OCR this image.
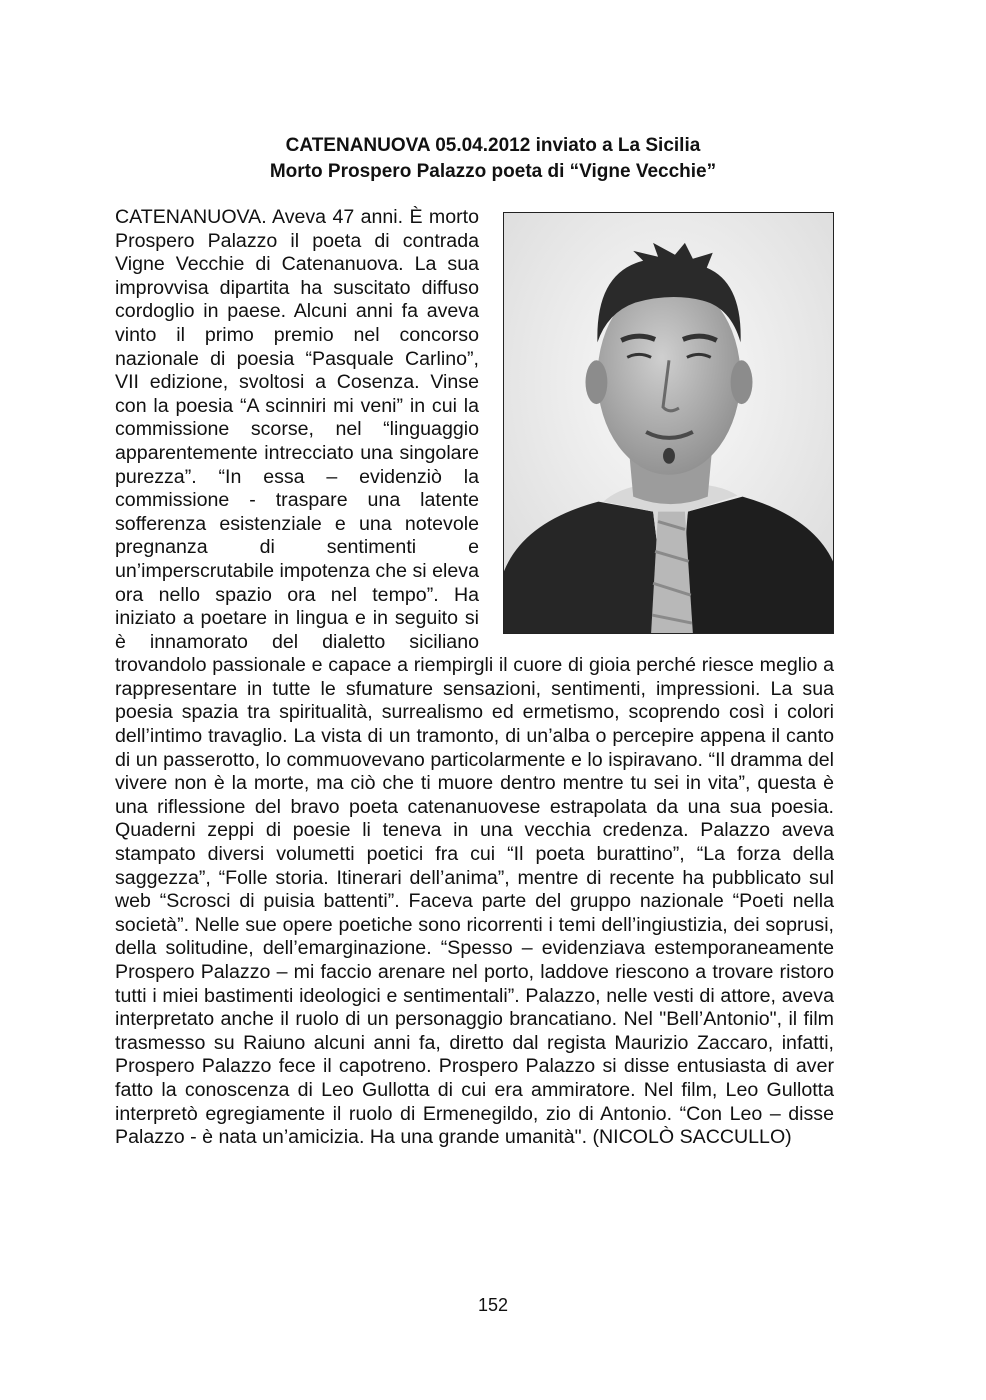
CATENANUOVA 05.04.2012 inviato a La Sicilia
Morto Prospero Palazzo poeta di “Vigne Vecchie”
CATENANUOVA. Aveva 47 anni. È morto Prospero Palazzo il poeta di contrada Vigne Vecchie di Catenanuova. La sua improvvisa dipartita ha suscitato diffuso cordoglio in paese. Alcuni anni fa aveva vinto il primo premio nel concorso nazionale di poesia “Pasquale Carlino”, VII edizione, svoltosi a Cosenza. Vinse con la poesia “A scinniri mi veni” in cui la commissione scorse, nel “linguaggio apparentemente intrecciato una singolare purezza”. “In essa – evidenziò la commissione - traspare una latente sofferenza esistenziale e una notevole pregnanza di sentimenti e un’imperscrutabile impotenza che si eleva ora nello spazio ora nel tempo”. Ha iniziato a poetare in lingua e in seguito si è innamorato del dialetto siciliano trovandolo passionale e capace a riempirgli il cuore di gioia perché riesce meglio a rappresentare in tutte le sfumature sensazioni, sentimenti, impressioni. La sua poesia spazia tra spiritualità, surrealismo ed ermetismo, scoprendo così i colori dell’intimo travaglio. La vista di un tramonto, di un’alba o percepire appena il canto di un passerotto, lo commuovevano particolarmente e lo ispiravano. “Il dramma del vivere non è la morte, ma ciò che ti muore dentro mentre tu sei in vita”, questa è una riflessione del bravo poeta catenanuovese estrapolata da una sua poesia. Quaderni zeppi di poesie li teneva in una vecchia credenza. Palazzo aveva stampato diversi volumetti poetici fra cui “Il poeta burattino”, “La forza della saggezza”, “Folle storia. Itinerari dell’anima”, mentre di recente ha pubblicato sul web “Scrosci di puisia battenti”. Faceva parte del gruppo nazionale “Poeti nella società”. Nelle sue opere poetiche sono ricorrenti i temi dell’ingiustizia, dei soprusi, della solitudine, dell’emarginazione. “Spesso – evidenziava estemporaneamente Prospero Palazzo – mi faccio arenare nel porto, laddove riescono a trovare ristoro tutti i miei bastimenti ideologici e sentimentali”. Palazzo, nelle vesti di attore, aveva interpretato anche il ruolo di un personaggio brancatiano. Nel "Bell’Antonio", il film trasmesso su Raiuno alcuni anni fa, diretto dal regista Maurizio Zaccaro, infatti, Prospero Palazzo fece il capotreno. Prospero Palazzo si disse entusiasta di aver fatto la conoscenza di Leo Gullotta di cui era ammiratore. Nel film, Leo Gullotta interpretò egregiamente il ruolo di Ermenegildo, zio di Antonio. “Con Leo – disse Palazzo - è nata un’amicizia. Ha una grande umanità". (NICOLÒ SACCULLO)
152
